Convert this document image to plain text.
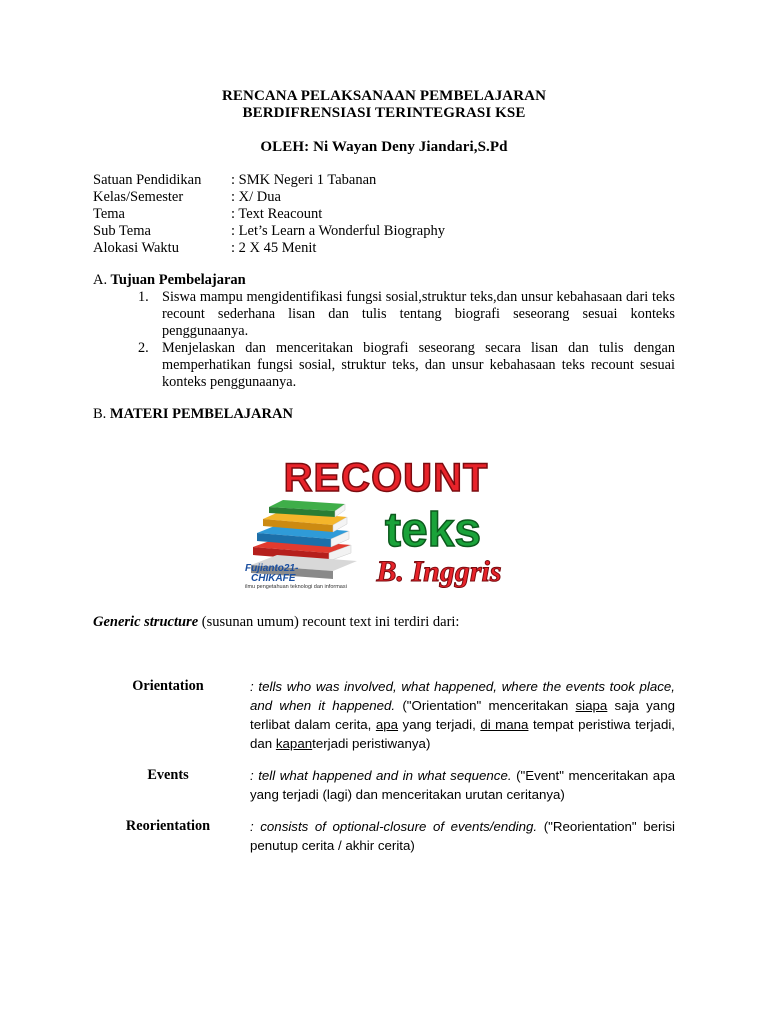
RENCANA PELAKSANAAN PEMBELAJARAN
BERDIFRENSIASI TERINTEGRASI KSE
OLEH: Ni Wayan Deny Jiandari,S.Pd
Satuan Pendidikan	: SMK Negeri 1 Tabanan
Kelas/Semester	: X/ Dua
Tema	: Text Reacount
Sub Tema	: Let’s Learn a Wonderful Biography
Alokasi Waktu	: 2 X 45 Menit
A. Tujuan Pembelajaran
1. Siswa mampu mengidentifikasi fungsi sosial,struktur teks,dan unsur kebahasaan dari teks recount sederhana lisan dan tulis tentang biografi seseorang sesuai konteks penggunaanya.
2. Menjelaskan dan menceritakan biografi seseorang secara lisan dan tulis dengan memperhatikan fungsi sosial, struktur teks, dan unsur kebahasaan teks recount sesuai konteks penggunaanya.
B. MATERI PEMBELAJARAN
RECOUNT
teks
B. Inggris
Fujianto21-
CHIKAFE
ilmu pengetahuan teknologi dan informasi
Generic structure (susunan umum) recount text ini terdiri dari:
Orientation	: tells who was involved, what happened, where the events took place, and when it happened. ("Orientation" menceritakan siapa saja yang terlibat dalam cerita, apa yang terjadi, di mana tempat peristiwa terjadi, dan kapanterjadi peristiwanya)
Events	: tell what happened and in what sequence. ("Event" menceritakan apa yang terjadi (lagi) dan menceritakan urutan ceritanya)
Reorientation	: consists of optional-closure of events/ending. ("Reorientation" berisi penutup cerita / akhir cerita)
